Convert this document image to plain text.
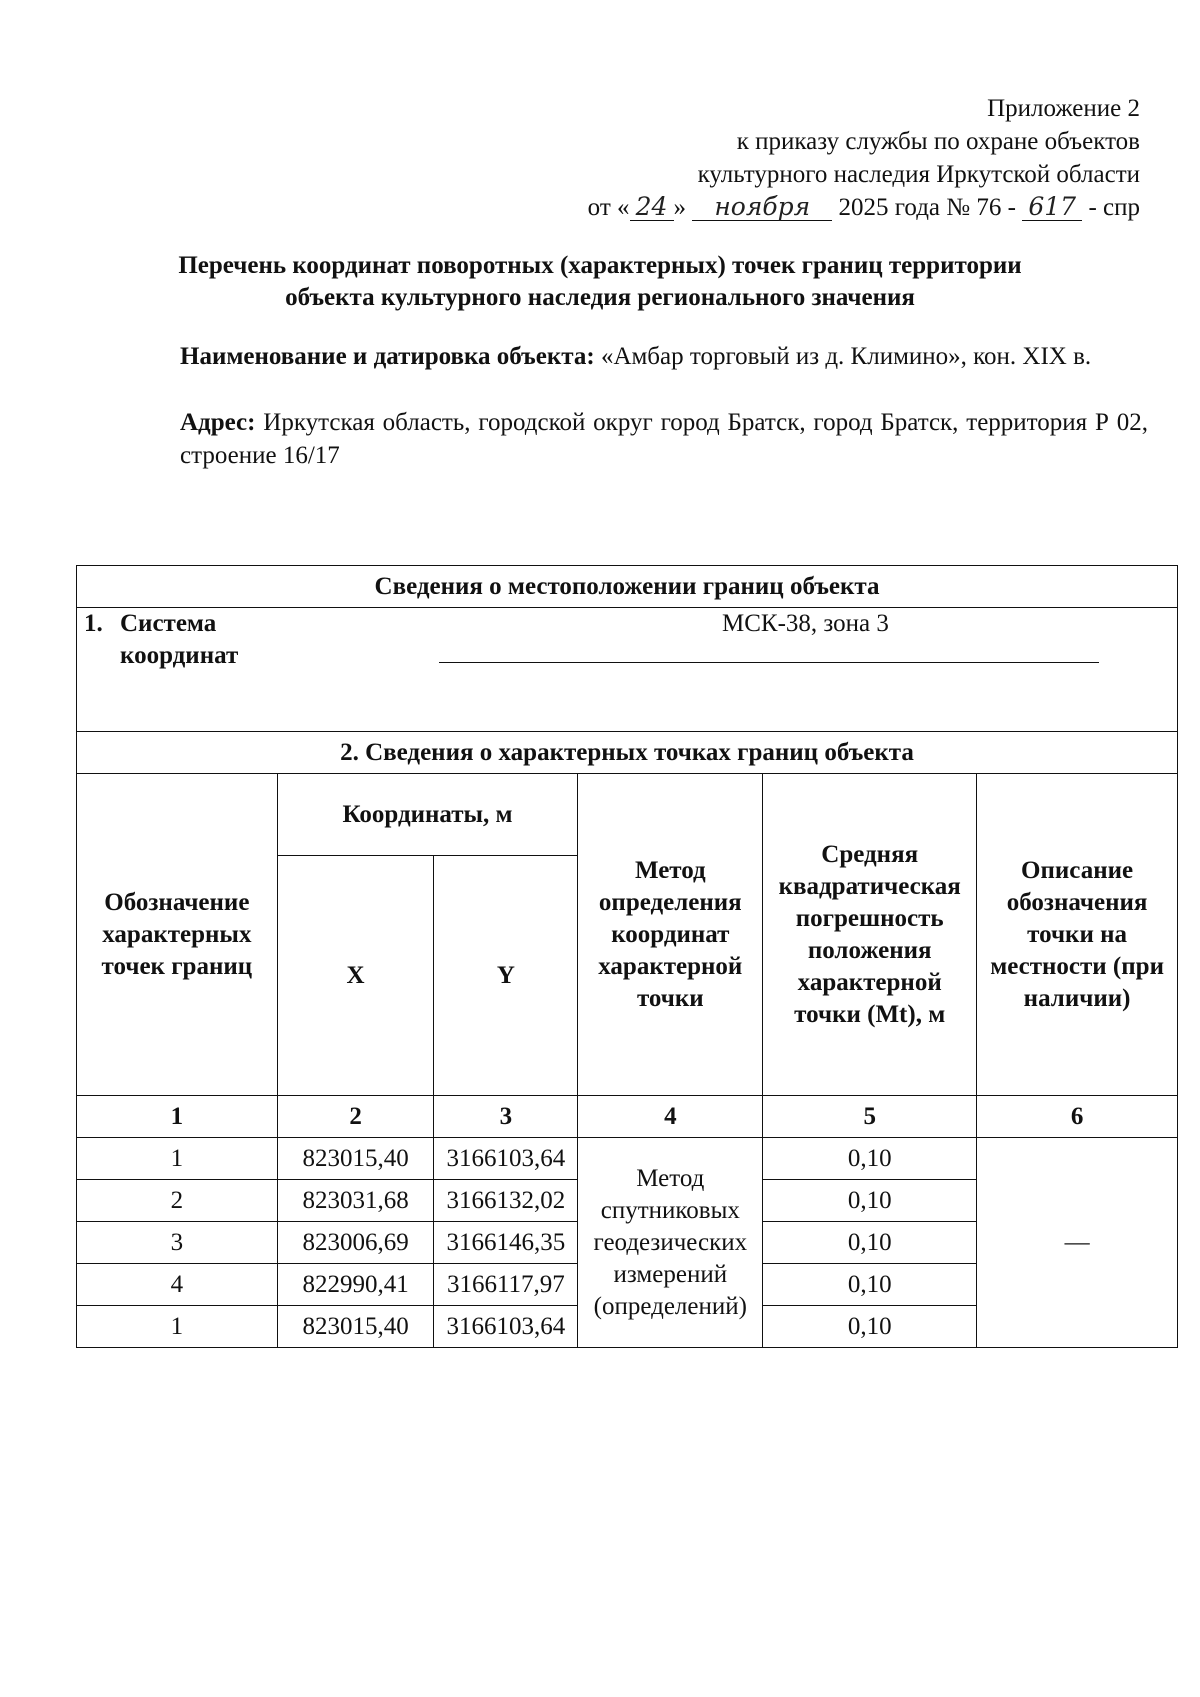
Приложение 2
к приказу службы по охране объектов
культурного наследия Иркутской области
от « 24 » ноября 2025 года № 76 - 617 - спр
Перечень координат поворотных (характерных) точек границ территории
объекта культурного наследия регионального значения
Наименование и датировка объекта: «Амбар торговый из д. Климино», кон. XIX в.
Адрес: Иркутская область, городской округ город Братск, город Братск, территория Р 02, строение 16/17
Сведения о местоположении границ объекта					

1. Система координат		МСК-38, зона 3			

2. Сведения о характерных точках границ объекта					
Обозначение характерных точек границ	Координаты, м		Метод определения координат характерной точки	Средняя квадратическая погрешность положения характерной точки (Mt), м	Описание обозначения точки на местности (при наличии)
	X	Y			
1	2	3	4	5	6
1	823015,40	3166103,64	Метод спутниковых геодезических измерений (определений)	0,10	—
2	823031,68	3166132,02		0,10	
3	823006,69	3166146,35		0,10	
4	822990,41	3166117,97		0,10	
1	823015,40	3166103,64		0,10	
